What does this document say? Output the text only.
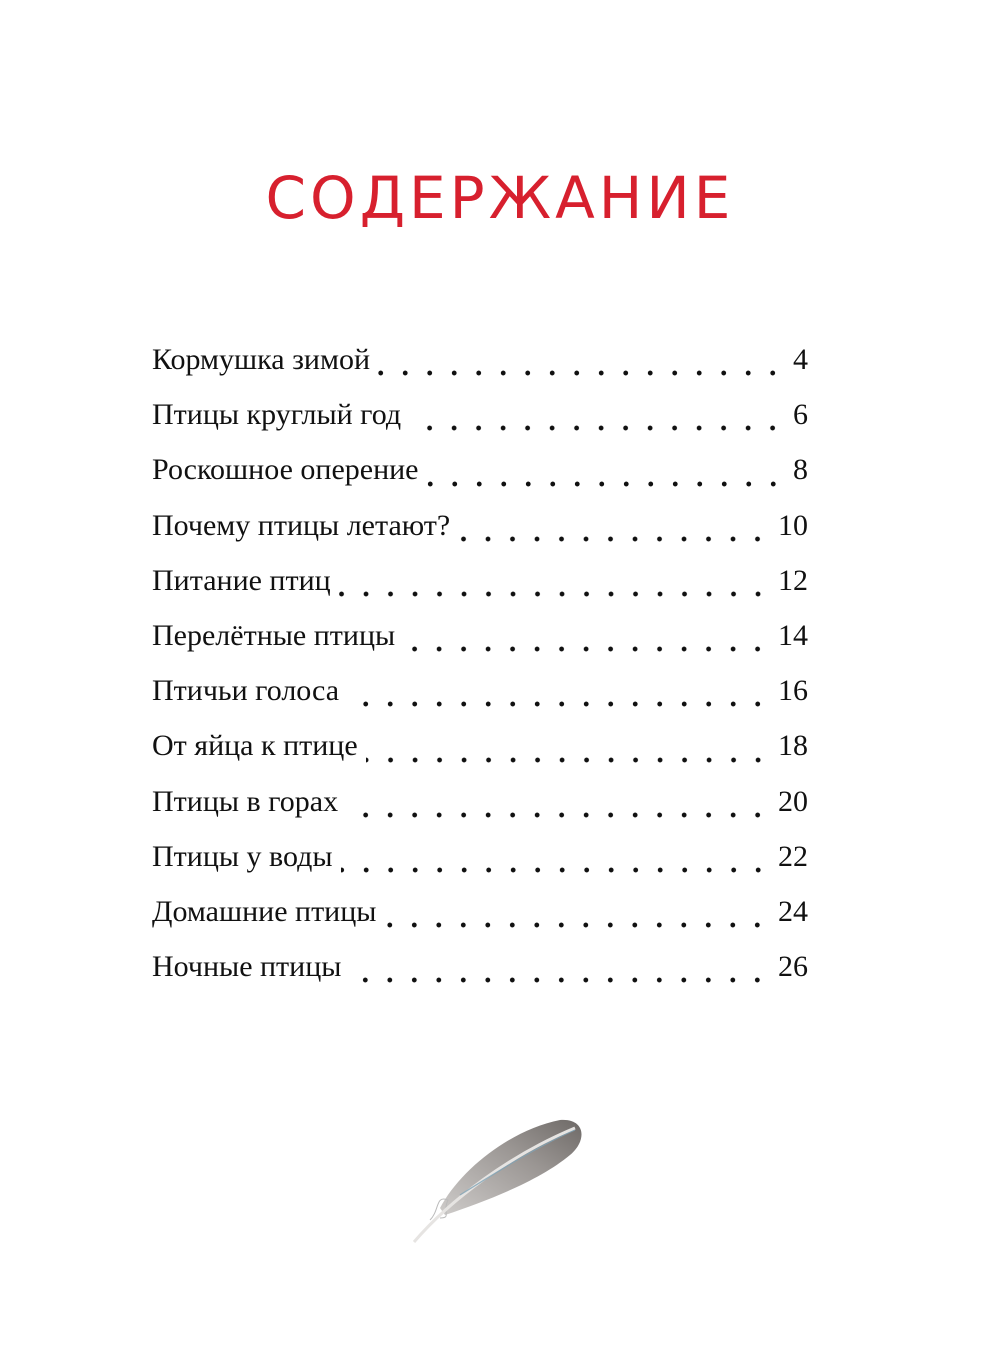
СОДЕРЖАНИЕ
Кормушка зимой	4
Птицы круглый год	6
Роскошное оперение	8
Почему птицы летают?	10
Питание птиц	12
Перелётные птицы	14
Птичьи голоса	16
От яйца к птице	18
Птицы в горах	20
Птицы у воды	22
Домашние птицы	24
Ночные птицы	26
